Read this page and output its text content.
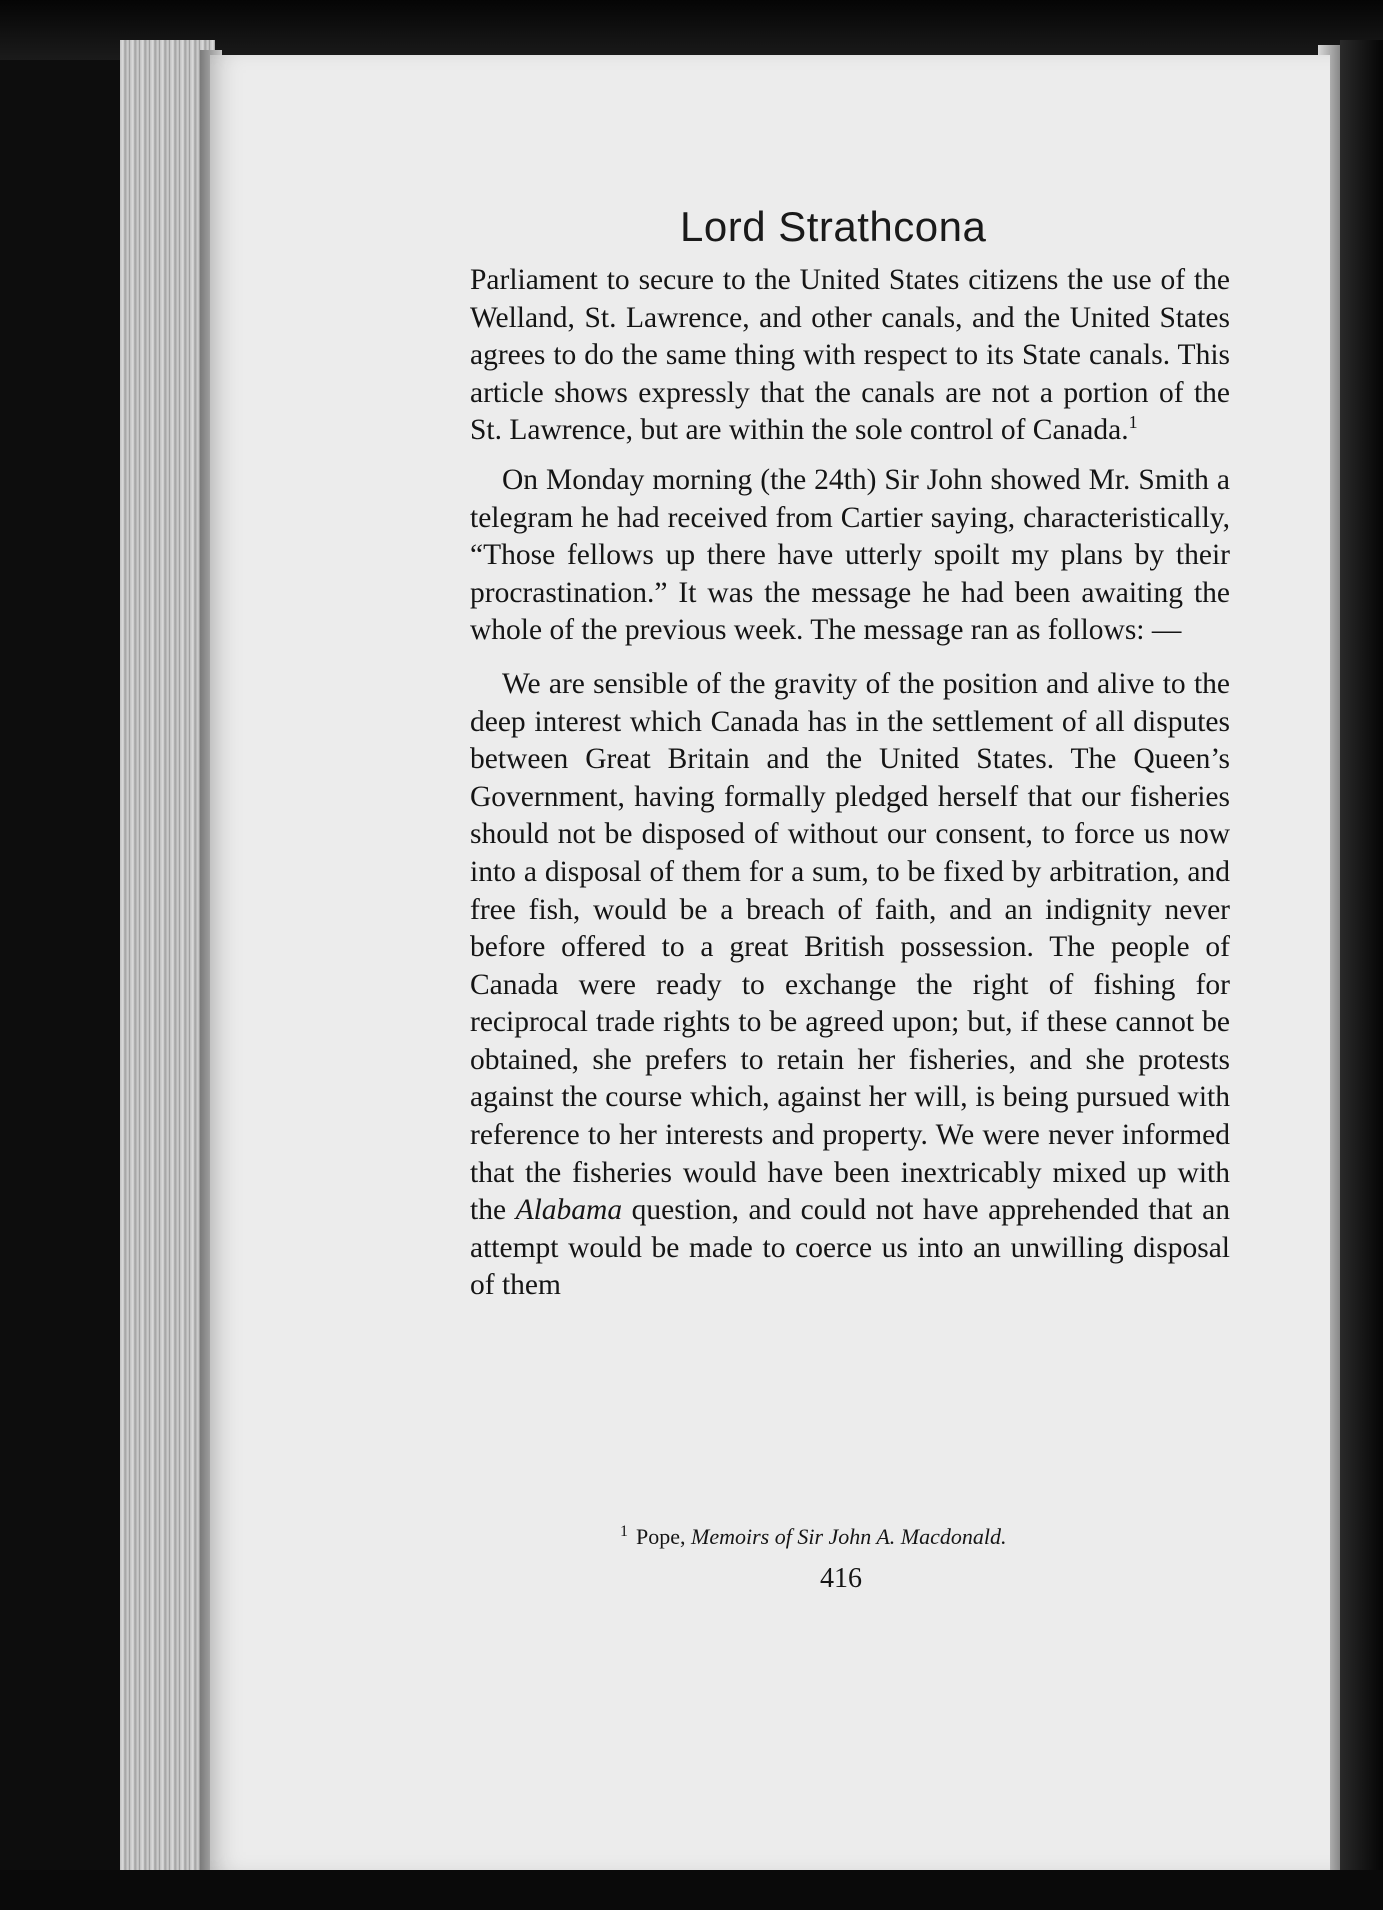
Lord Strathcona

Parliament to secure to the United States citizens the use of the Welland, St. Lawrence, and other canals, and the United States agrees to do the same thing with respect to its State canals. This article shows expressly that the canals are not a portion of the St. Lawrence, but are within the sole control of Canada.$^1$

On Monday morning (the 24th) Sir John showed Mr. Smith a telegram he had received from Cartier saying, characteristically, “Those fellows up there have utterly spoilt my plans by their procrastination.” It was the message he had been awaiting the whole of the previous week. The message ran as follows: —

We are sensible of the gravity of the position and alive to the deep interest which Canada has in the settlement of all disputes between Great Britain and the United States. The Queen’s Government, having formally pledged herself that our fisheries should not be disposed of without our consent, to force us now into a disposal of them for a sum, to be fixed by arbitration, and free fish, would be a breach of faith, and an indignity never before offered to a great British possession. The people of Canada were ready to exchange the right of fishing for reciprocal trade rights to be agreed upon; but, if these cannot be obtained, she prefers to retain her fisheries, and she protests against the course which, against her will, is being pursued with reference to her interests and property. We were never informed that the fisheries would have been inextricably mixed up with the Alabama question, and could not have apprehended that an attempt would be made to coerce us into an unwilling disposal of them

$^1$ Pope, Memoirs of Sir John A. Macdonald.
416
